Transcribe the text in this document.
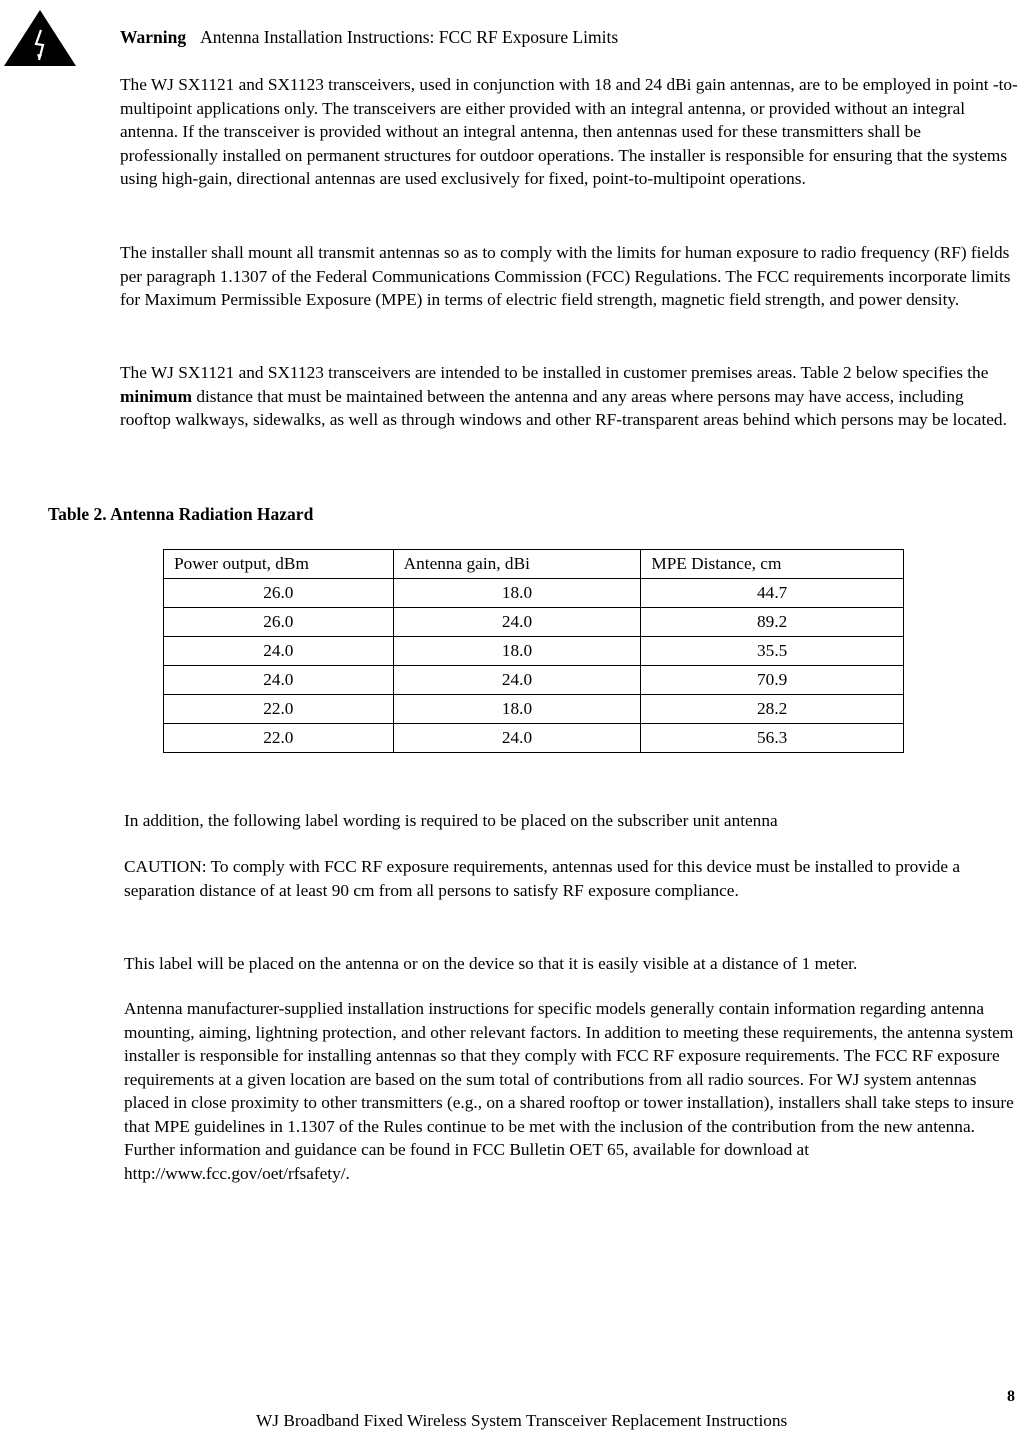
Warning Antenna Installation Instructions: FCC RF Exposure Limits

The WJ SX1121 and SX1123 transceivers, used in conjunction with 18 and 24 dBi gain antennas, are to be employed in point -to- multipoint applications only. The transceivers are either provided with an integral antenna, or provided without an integral antenna. If the transceiver is provided without an integral antenna, then antennas used for these transmitters shall be professionally installed on permanent structures for outdoor operations. The installer is responsible for ensuring that the systems using high-gain, directional antennas are used exclusively for fixed, point-to-multipoint operations.

The installer shall mount all transmit antennas so as to comply with the limits for human exposure to radio frequency (RF) fields per paragraph 1.1307 of the Federal Communications Commission (FCC) Regulations. The FCC requirements incorporate limits for Maximum Permissible Exposure (MPE) in terms of electric field strength, magnetic field strength, and power density.

The WJ SX1121 and SX1123 transceivers are intended to be installed in customer premises areas. Table 2 below specifies the minimum distance that must be maintained between the antenna and any areas where persons may have access, including rooftop walkways, sidewalks, as well as through windows and other RF-transparent areas behind which persons may be located.

Table 2. Antenna Radiation Hazard
Power output, dBm	Antenna gain, dBi	MPE Distance, cm
26.0	18.0	44.7
26.0	24.0	89.2
24.0	18.0	35.5
24.0	24.0	70.9
22.0	18.0	28.2
22.0	24.0	56.3

In addition, the following label wording is required to be placed on the subscriber unit antenna

CAUTION: To comply with FCC RF exposure requirements, antennas used for this device must be installed to provide a separation distance of at least 90 cm from all persons to satisfy RF exposure compliance.

This label will be placed on the antenna or on the device so that it is easily visible at a distance of 1 meter.

Antenna manufacturer-supplied installation instructions for specific models generally contain information regarding antenna mounting, aiming, lightning protection, and other relevant factors. In addition to meeting these requirements, the antenna system installer is responsible for installing antennas so that they comply with FCC RF exposure requirements. The FCC RF exposure requirements at a given location are based on the sum total of contributions from all radio sources. For WJ system antennas placed in close proximity to other transmitters (e.g., on a shared rooftop or tower installation), installers shall take steps to insure that MPE guidelines in 1.1307 of the Rules continue to be met with the inclusion of the contribution from the new antenna. Further information and guidance can be found in FCC Bulletin OET 65, available for download at http://www.fcc.gov/oet/rfsafety/.

8
WJ Broadband Fixed Wireless System Transceiver Replacement Instructions
